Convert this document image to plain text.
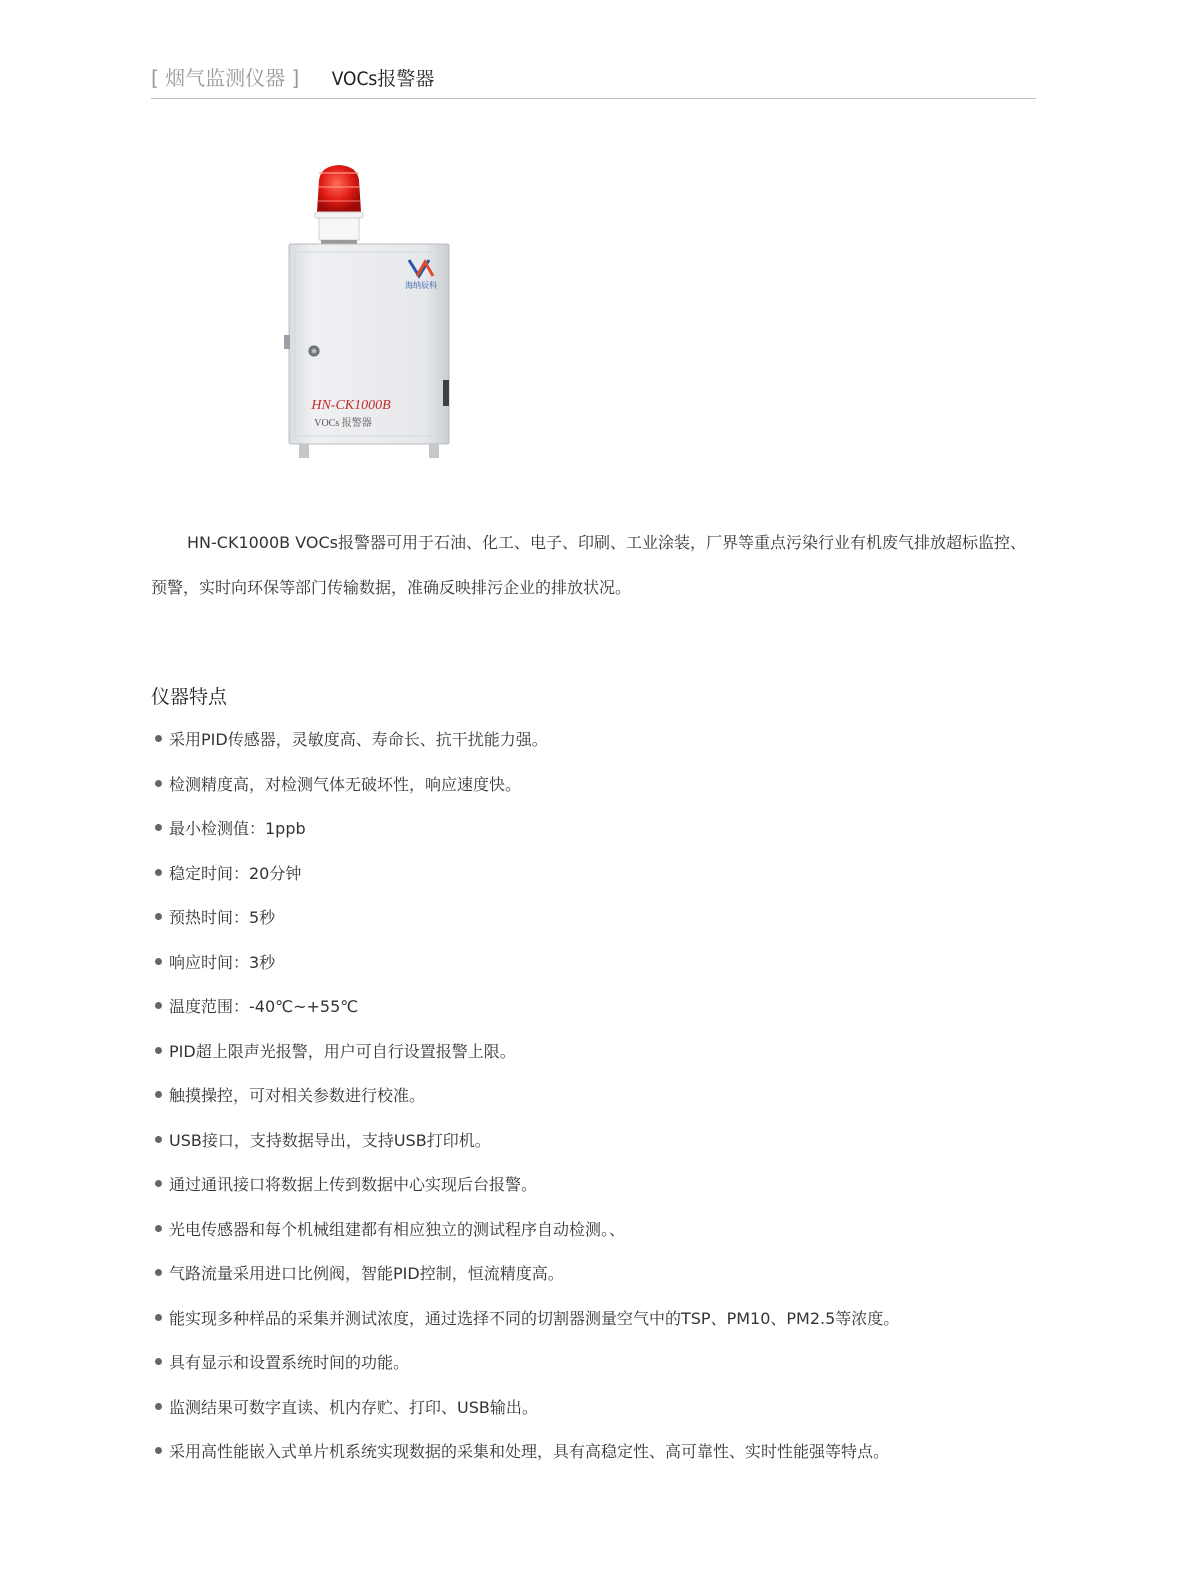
[ 烟气监测仪器 ] VOCs报警器
海纳辰科
HN-CK1000B
VOCs 报警器

HN-CK1000B VOCs报警器可用于石油、化工、电子、印刷、工业涂装，厂界等重点污染行业有机废气排放超标监控、预警，实时向环保等部门传输数据，准确反映排污企业的排放状况。

仪器特点
采用PID传感器，灵敏度高、寿命长、抗干扰能力强。
检测精度高，对检测气体无破坏性，响应速度快。
最小检测值：1ppb
稳定时间：20分钟
预热时间：5秒
响应时间：3秒
温度范围：-40℃~+55℃
PID超上限声光报警，用户可自行设置报警上限。
触摸操控，可对相关参数进行校准。
USB接口，支持数据导出，支持USB打印机。
通过通讯接口将数据上传到数据中心实现后台报警。
光电传感器和每个机械组建都有相应独立的测试程序自动检测。、
气路流量采用进口比例阀，智能PID控制，恒流精度高。
能实现多种样品的采集并测试浓度，通过选择不同的切割器测量空气中的TSP、PM10、PM2.5等浓度。
具有显示和设置系统时间的功能。
监测结果可数字直读、机内存贮、打印、USB输出。
采用高性能嵌入式单片机系统实现数据的采集和处理，具有高稳定性、高可靠性、实时性能强等特点。
